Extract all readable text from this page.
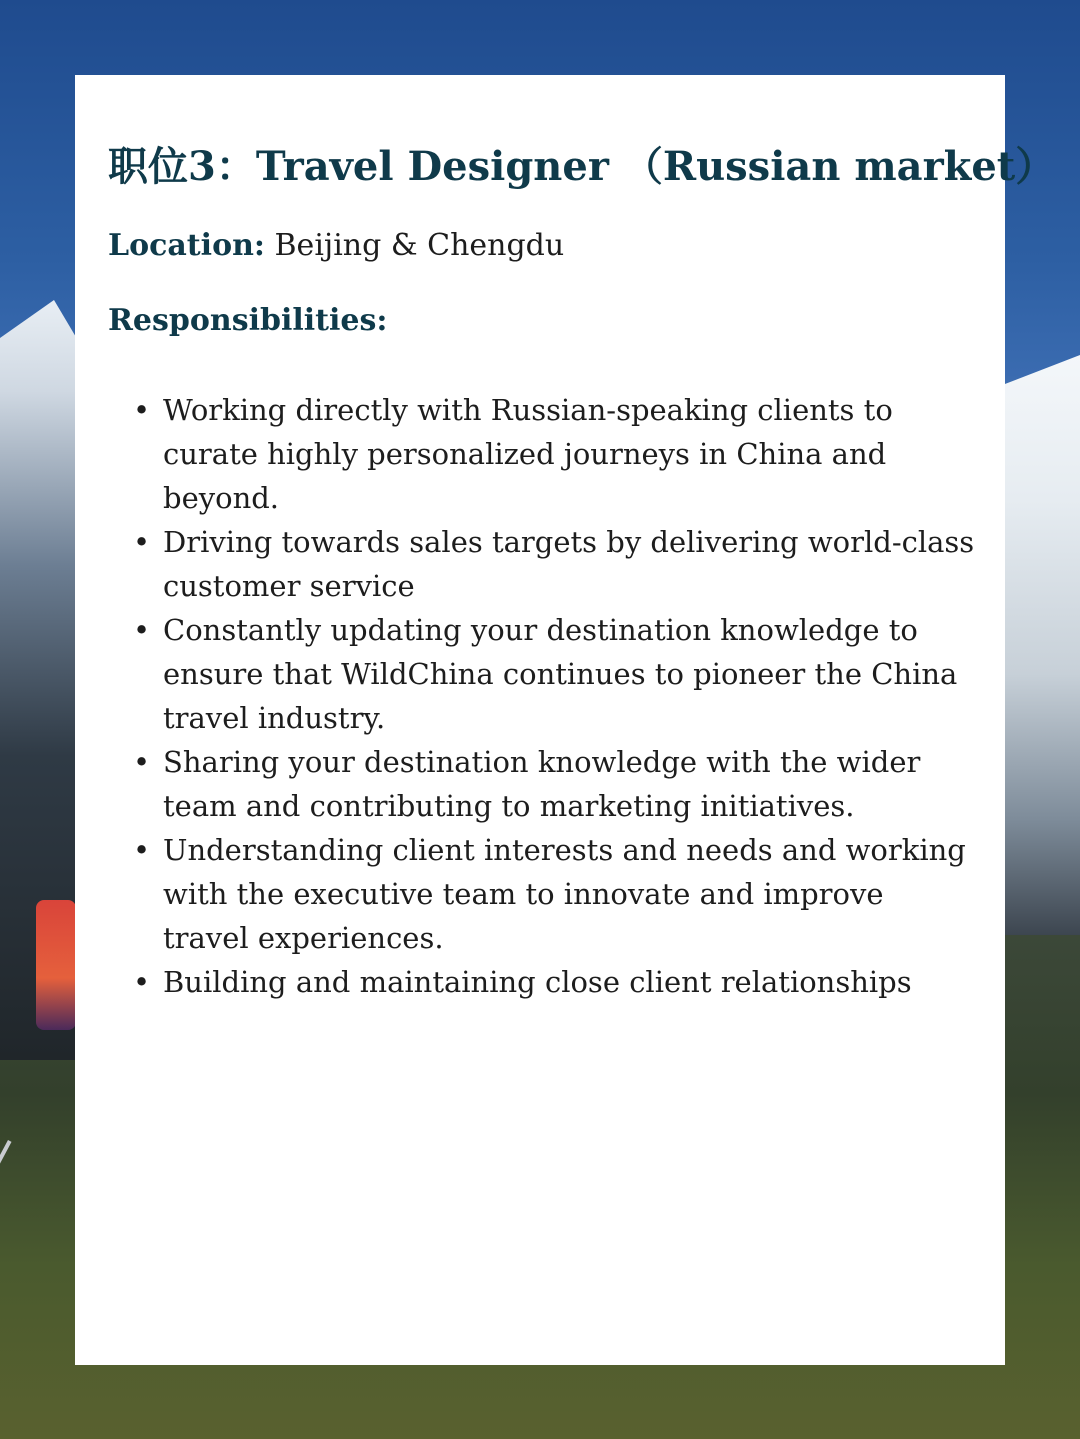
职位3：Travel Designer （Russian market）

Location: Beijing & Chengdu

Responsibilities:
• Working directly with Russian-speaking clients to curate highly personalized journeys in China and beyond.
• Driving towards sales targets by delivering world-class customer service
• Constantly updating your destination knowledge to ensure that WildChina continues to pioneer the China travel industry.
• Sharing your destination knowledge with the wider team and contributing to marketing initiatives.
• Understanding client interests and needs and working with the executive team to innovate and improve travel experiences.
• Building and maintaining close client relationships
